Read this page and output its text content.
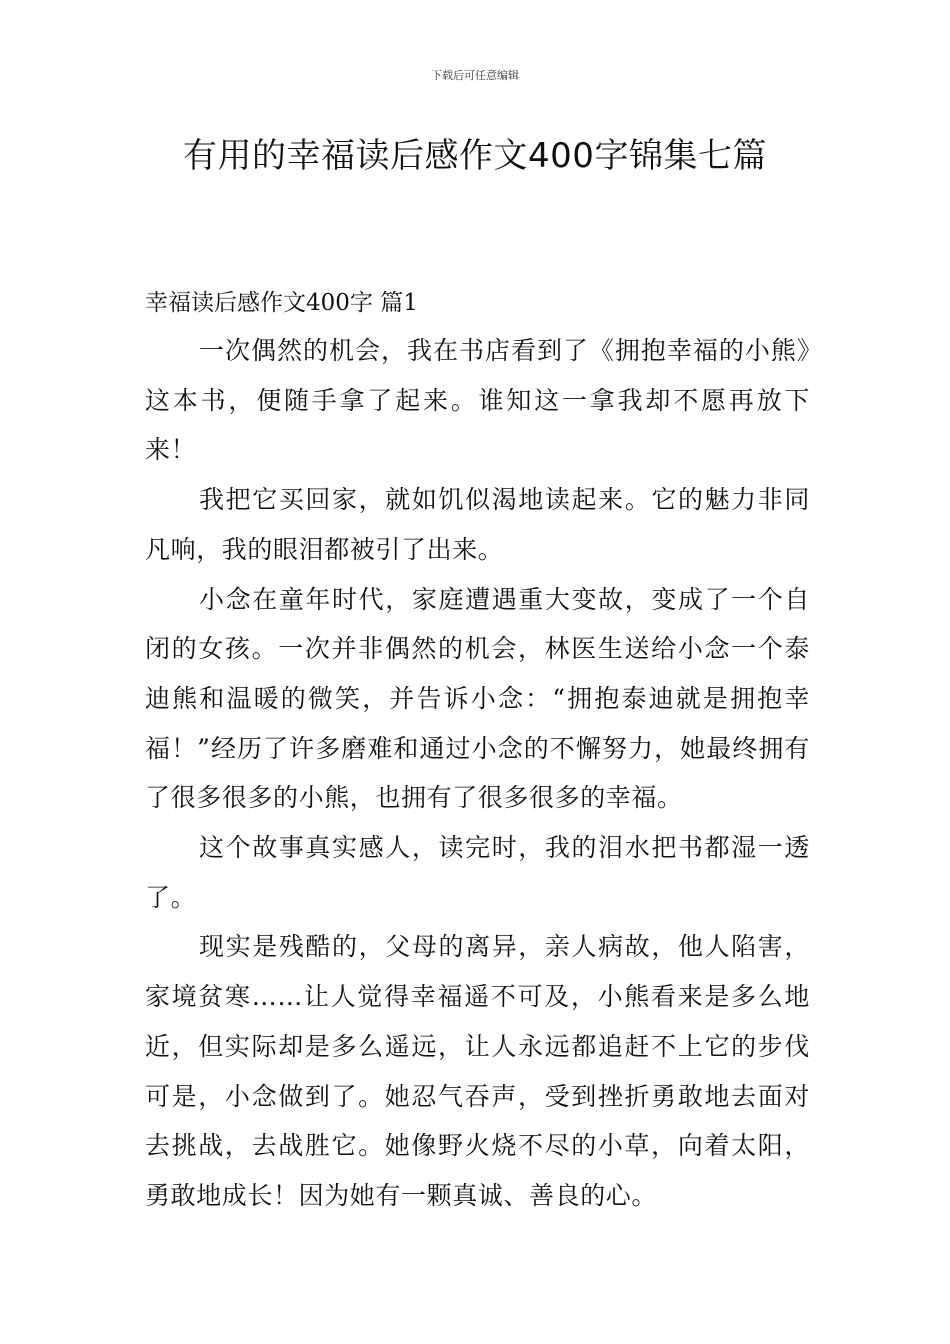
下载后可任意编辑
有用的幸福读后感作文400字锦集七篇
幸福读后感作文400字 篇1

一次偶然的机会，我在书店看到了《拥抱幸福的小熊》这本书，便随手拿了起来。谁知这一拿我却不愿再放下来！

我把它买回家，就如饥似渴地读起来。它的魅力非同凡响，我的眼泪都被引了出来。

小念在童年时代，家庭遭遇重大变故，变成了一个自闭的女孩。一次并非偶然的机会，林医生送给小念一个泰迪熊和温暖的微笑，并告诉小念：“拥抱泰迪就是拥抱幸福！”经历了许多磨难和通过小念的不懈努力，她最终拥有了很多很多的小熊，也拥有了很多很多的幸福。

这个故事真实感人，读完时，我的泪水把书都湿一透了。

现实是残酷的，父母的离异，亲人病故，他人陷害，家境贫寒……让人觉得幸福遥不可及，小熊看来是多么地近，但实际却是多么遥远，让人永远都追赶不上它的步伐可是，小念做到了。她忍气吞声，受到挫折勇敢地去面对去挑战，去战胜它。她像野火烧不尽的小草，向着太阳，勇敢地成长！因为她有一颗真诚、善良的心。
